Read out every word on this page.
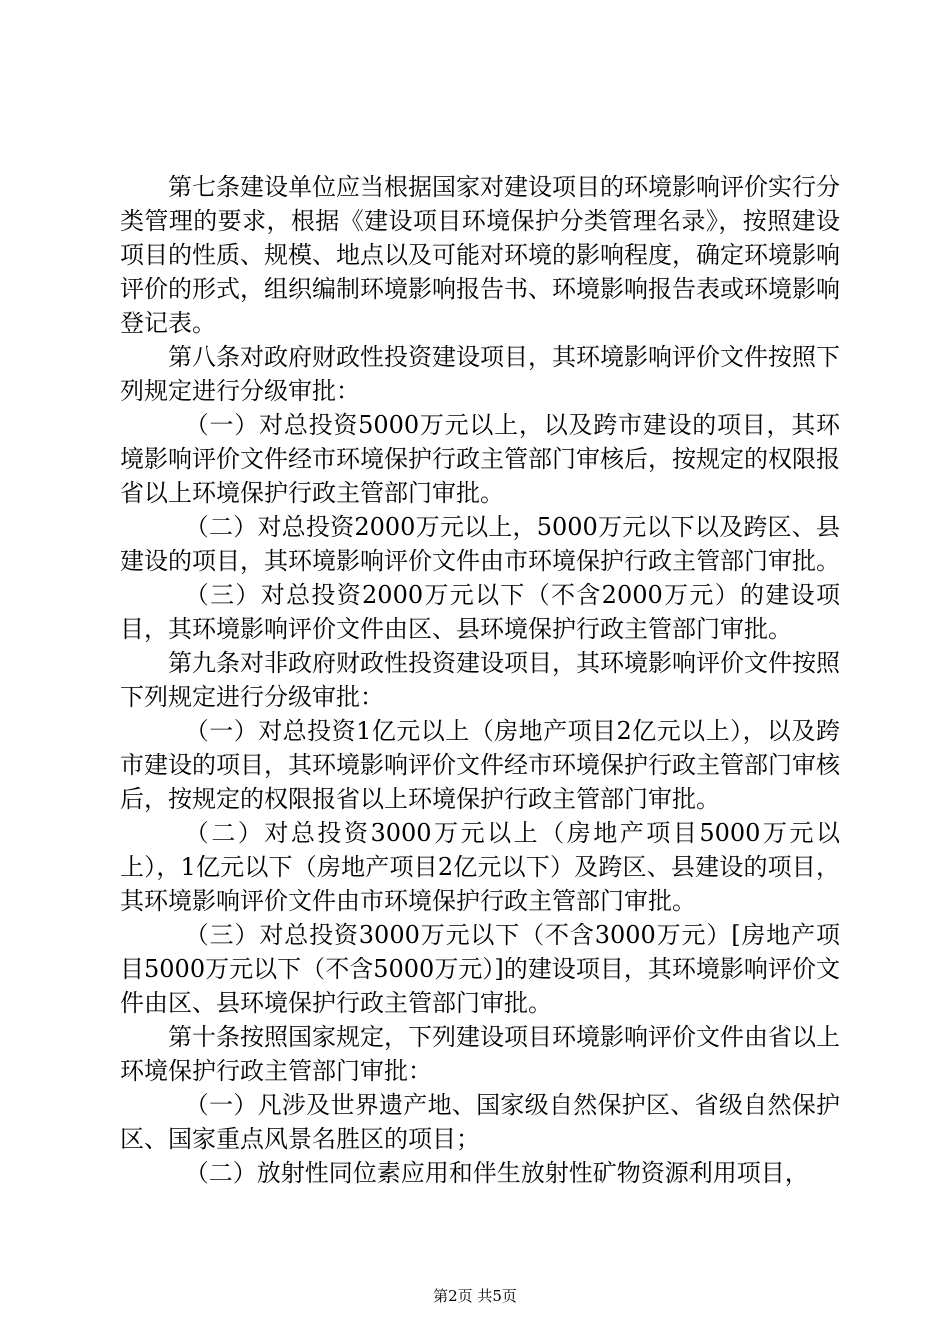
第七条建设单位应当根据国家对建设项目的环境影响评价实行分类管理的要求，根据《建设项目环境保护分类管理名录》，按照建设项目的性质、规模、地点以及可能对环境的影响程度，确定环境影响评价的形式，组织编制环境影响报告书、环境影响报告表或环境影响登记表。

第八条对政府财政性投资建设项目，其环境影响评价文件按照下列规定进行分级审批：

（一）对总投资5000万元以上，以及跨市建设的项目，其环境影响评价文件经市环境保护行政主管部门审核后，按规定的权限报省以上环境保护行政主管部门审批。

（二）对总投资2000万元以上，5000万元以下以及跨区、县建设的项目，其环境影响评价文件由市环境保护行政主管部门审批。

（三）对总投资2000万元以下（不含2000万元）的建设项目，其环境影响评价文件由区、县环境保护行政主管部门审批。

第九条对非政府财政性投资建设项目，其环境影响评价文件按照下列规定进行分级审批：

（一）对总投资1亿元以上（房地产项目2亿元以上），以及跨市建设的项目，其环境影响评价文件经市环境保护行政主管部门审核后，按规定的权限报省以上环境保护行政主管部门审批。

（二）对总投资3000万元以上（房地产项目5000万元以上），1亿元以下（房地产项目2亿元以下）及跨区、县建设的项目，其环境影响评价文件由市环境保护行政主管部门审批。

（三）对总投资3000万元以下（不含3000万元）[房地产项目5000万元以下（不含5000万元）]的建设项目，其环境影响评价文件由区、县环境保护行政主管部门审批。

第十条按照国家规定，下列建设项目环境影响评价文件由省以上环境保护行政主管部门审批：

（一）凡涉及世界遗产地、国家级自然保护区、省级自然保护区、国家重点风景名胜区的项目；

（二）放射性同位素应用和伴生放射性矿物资源利用项目，

第2页 共5页
